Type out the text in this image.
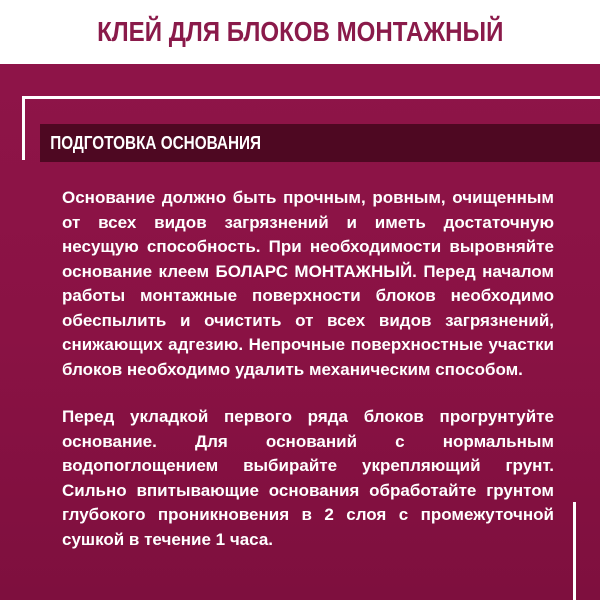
КЛЕЙ ДЛЯ БЛОКОВ МОНТАЖНЫЙ
ПОДГОТОВКА ОСНОВАНИЯ
Основание должно быть прочным, ровным, очищенным от всех видов загрязнений и иметь достаточную несущую способность. При необходимости выровняйте основание клеем БОЛАРС МОНТАЖНЫЙ. Перед началом работы монтажные поверхности блоков необходимо обеспылить и очистить от всех видов загрязнений, снижающих адгезию. Непрочные поверхностные участки блоков необходимо удалить механическим способом.
Перед укладкой первого ряда блоков прогрунтуйте основание. Для оснований с нормальным водопоглощением выбирайте укрепляющий грунт. Сильно впитывающие основания обработайте грунтом глубокого проникновения в 2 слоя с промежуточной сушкой в течение 1 часа.
